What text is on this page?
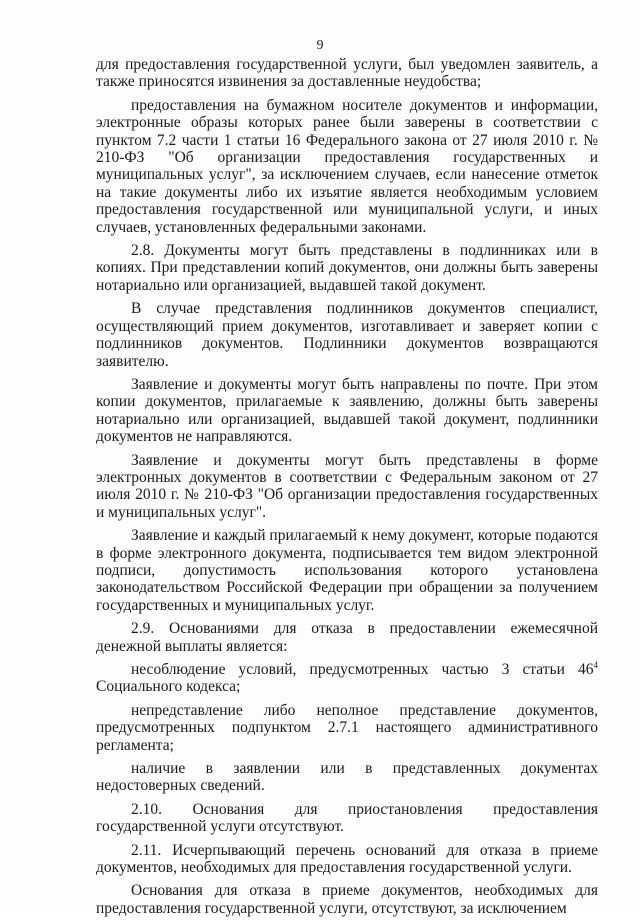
9

для предоставления государственной услуги, был уведомлен заявитель, а также приносятся извинения за доставленные неудобства;

предоставления на бумажном носителе документов и информации, электронные образы которых ранее были заверены в соответствии с пунктом 7.2 части 1 статьи 16 Федерального закона от 27 июля 2010 г. № 210-ФЗ "Об организации предоставления государственных и муниципальных услуг", за исключением случаев, если нанесение отметок на такие документы либо их изъятие является необходимым условием предоставления государственной или муниципальной услуги, и иных случаев, установленных федеральными законами.

2.8. Документы могут быть представлены в подлинниках или в копиях. При представлении копий документов, они должны быть заверены нотариально или организацией, выдавшей такой документ.

В случае представления подлинников документов специалист, осуществляющий прием документов, изготавливает и заверяет копии с подлинников документов. Подлинники документов возвращаются заявителю.

Заявление и документы могут быть направлены по почте. При этом копии документов, прилагаемые к заявлению, должны быть заверены нотариально или организацией, выдавшей такой документ, подлинники документов не направляются.

Заявление и документы могут быть представлены в форме электронных документов в соответствии с Федеральным законом от 27 июля 2010 г. № 210-ФЗ "Об организации предоставления государственных и муниципальных услуг".

Заявление и каждый прилагаемый к нему документ, которые подаются в форме электронного документа, подписывается тем видом электронной подписи, допустимость использования которого установлена законодательством Российской Федерации при обращении за получением государственных и муниципальных услуг.

2.9. Основаниями для отказа в предоставлении ежемесячной денежной выплаты является:

несоблюдение условий, предусмотренных частью 3 статьи $46^4$ Социального кодекса;

непредставление либо неполное представление документов, предусмотренных подпунктом 2.7.1 настоящего административного регламента;

наличие в заявлении или в представленных документах недостоверных сведений.

2.10. Основания для приостановления предоставления государственной услуги отсутствуют.

2.11. Исчерпывающий перечень оснований для отказа в приеме документов, необходимых для предоставления государственной услуги.

Основания для отказа в приеме документов, необходимых для предоставления государственной услуги, отсутствуют, за исключением
